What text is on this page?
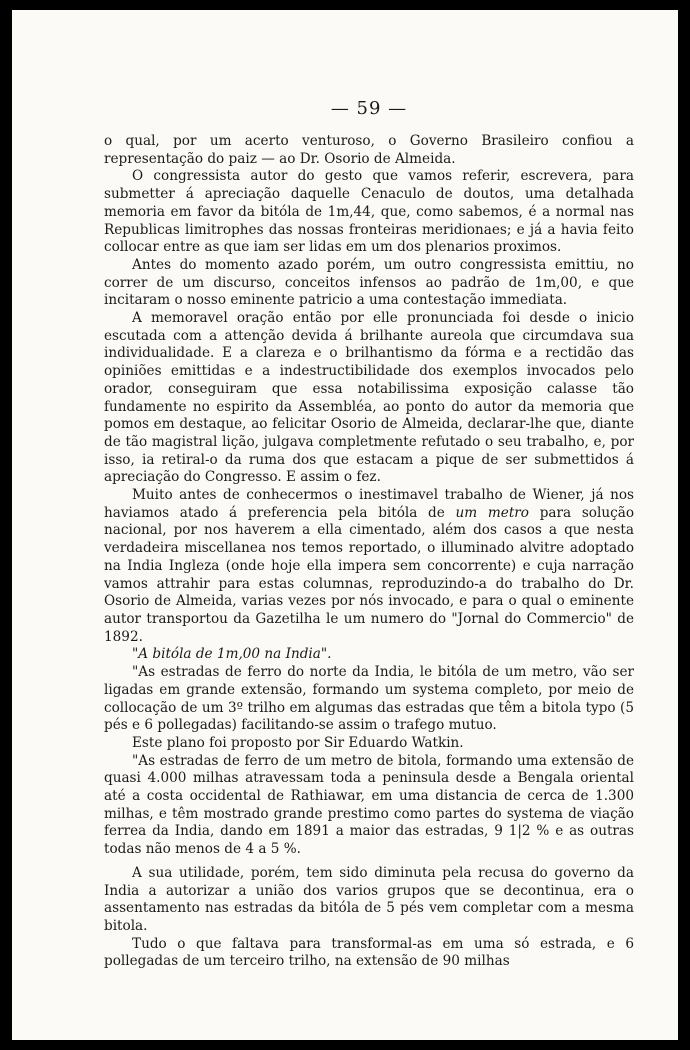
— 59 —

o qual, por um acerto venturoso, o Governo Brasileiro confiou a representação do paiz — ao Dr. Osorio de Almeida.

O congressista autor do gesto que vamos referir, escrevera, para submetter á apreciação daquelle Cenaculo de doutos, uma detalhada memoria em favor da bitóla de 1m,44, que, como sabemos, é a normal nas Republicas limitrophes das nossas fronteiras meridionaes; e já a havia feito collocar entre as que iam ser lidas em um dos plenarios proximos.

Antes do momento azado porém, um outro congressista emittiu, no correr de um discurso, conceitos infensos ao padrão de 1m,00, e que incitaram o nosso eminente patricio a uma contestação immediata.

A memoravel oração então por elle pronunciada foi desde o inicio escutada com a attenção devida á brilhante aureola que circumdava sua individualidade. E a clareza e o brilhantismo da fórma e a rectidão das opiniões emittidas e a indestructibilidade dos exemplos invocados pelo orador, conseguiram que essa notabilissima exposição calasse tão fundamente no espirito da Assembléa, ao ponto do autor da memoria que pomos em destaque, ao felicitar Osorio de Almeida, declarar-lhe que, diante de tão magistral lição, julgava completmente refutado o seu trabalho, e, por isso, ia retiral-o da ruma dos que estacam a pique de ser submettidos á apreciação do Congresso. E assim o fez.

Muito antes de conhecermos o inestimavel trabalho de Wiener, já nos haviamos atado á preferencia pela bitóla de um metro para solução nacional, por nos haverem a ella cimentado, além dos casos a que nesta verdadeira miscellanea nos temos reportado, o illuminado alvitre adoptado na India Ingleza (onde hoje ella impera sem concorrente) e cuja narração vamos attrahir para estas columnas, reproduzindo-a do trabalho do Dr. Osorio de Almeida, varias vezes por nós invocado, e para o qual o eminente autor transportou da Gazetilha le um numero do "Jornal do Commercio" de 1892.

"A bitóla de 1m,00 na India".

"As estradas de ferro do norte da India, le bitóla de um metro, vão ser ligadas em grande extensão, formando um systema completo, por meio de collocação de um 3º trilho em algumas das estradas que têm a bitola typo (5 pés e 6 pollegadas) facilitando-se assim o trafego mutuo.

Este plano foi proposto por Sir Eduardo Watkin.

"As estradas de ferro de um metro de bitola, formando uma extensão de quasi 4.000 milhas atravessam toda a peninsula desde a Bengala oriental até a costa occidental de Rathiawar, em uma distancia de cerca de 1.300 milhas, e têm mostrado grande prestimo como partes do systema de viação ferrea da India, dando em 1891 a maior das estradas, 9 1|2 % e as outras todas não menos de 4 a 5 %.

A sua utilidade, porém, tem sido diminuta pela recusa do governo da India a autorizar a união dos varios grupos que se decontinua, era o assentamento nas estradas da bitóla de 5 pés vem completar com a mesma bitola.

Tudo o que faltava para transformal-as em uma só estrada, e 6 pollegadas de um terceiro trilho, na extensão de 90 milhas
